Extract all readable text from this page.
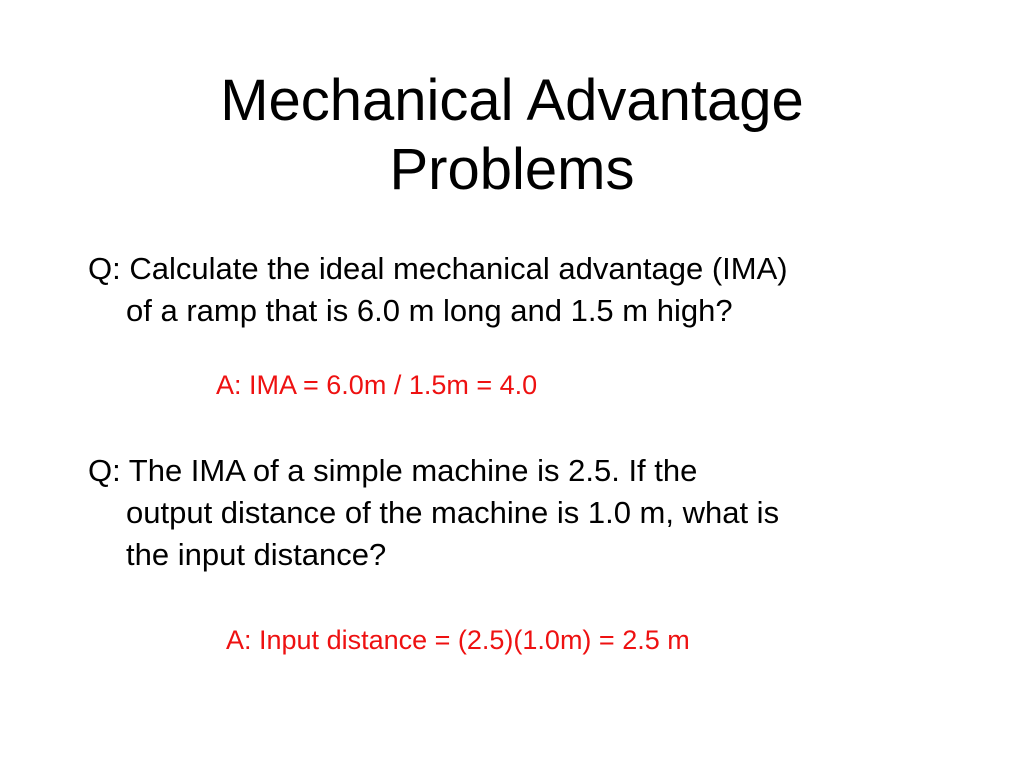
Mechanical Advantage
Problems

Q: Calculate the ideal mechanical advantage (IMA)
of a ramp that is 6.0 m long and 1.5 m high?

A: IMA = 6.0m / 1.5m = 4.0

Q: The IMA of a simple machine is 2.5. If the
output distance of the machine is 1.0 m, what is
the input distance?

A: Input distance = (2.5)(1.0m) = 2.5 m
